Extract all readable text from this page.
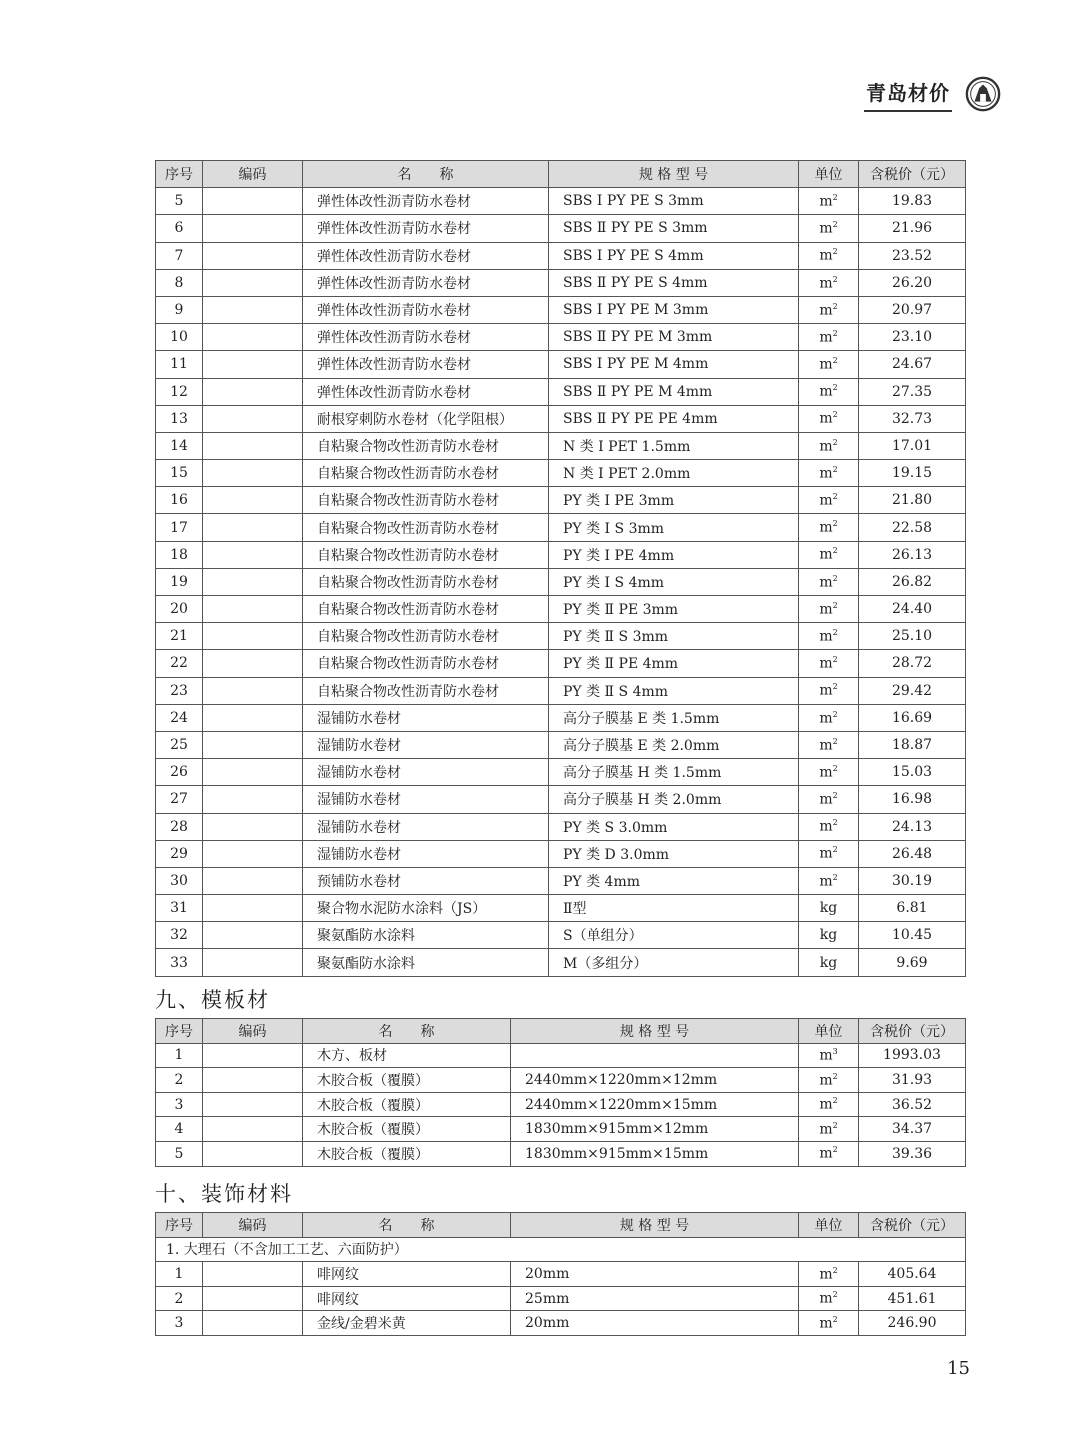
青岛材价
序号	编码	名　　称	规 格 型 号	单位	含税价（元）
5		弹性体改性沥青防水卷材	SBS Ⅰ PY PE S 3mm	$m^2$	19.83
6		弹性体改性沥青防水卷材	SBS Ⅱ PY PE S 3mm	$m^2$	21.96
7		弹性体改性沥青防水卷材	SBS Ⅰ PY PE S 4mm	$m^2$	23.52
8		弹性体改性沥青防水卷材	SBS Ⅱ PY PE S 4mm	$m^2$	26.20
9		弹性体改性沥青防水卷材	SBS Ⅰ PY PE M 3mm	$m^2$	20.97
10		弹性体改性沥青防水卷材	SBS Ⅱ PY PE M 3mm	$m^2$	23.10
11		弹性体改性沥青防水卷材	SBS Ⅰ PY PE M 4mm	$m^2$	24.67
12		弹性体改性沥青防水卷材	SBS Ⅱ PY PE M 4mm	$m^2$	27.35
13		耐根穿刺防水卷材（化学阻根）	SBS Ⅱ PY PE PE 4mm	$m^2$	32.73
14		自粘聚合物改性沥青防水卷材	N 类 Ⅰ PET 1.5mm	$m^2$	17.01
15		自粘聚合物改性沥青防水卷材	N 类 Ⅰ PET 2.0mm	$m^2$	19.15
16		自粘聚合物改性沥青防水卷材	PY 类 Ⅰ PE 3mm	$m^2$	21.80
17		自粘聚合物改性沥青防水卷材	PY 类 Ⅰ S 3mm	$m^2$	22.58
18		自粘聚合物改性沥青防水卷材	PY 类 Ⅰ PE 4mm	$m^2$	26.13
19		自粘聚合物改性沥青防水卷材	PY 类 Ⅰ S 4mm	$m^2$	26.82
20		自粘聚合物改性沥青防水卷材	PY 类 Ⅱ PE 3mm	$m^2$	24.40
21		自粘聚合物改性沥青防水卷材	PY 类 Ⅱ S 3mm	$m^2$	25.10
22		自粘聚合物改性沥青防水卷材	PY 类 Ⅱ PE 4mm	$m^2$	28.72
23		自粘聚合物改性沥青防水卷材	PY 类 Ⅱ S 4mm	$m^2$	29.42
24		湿铺防水卷材	高分子膜基 E 类 1.5mm	$m^2$	16.69
25		湿铺防水卷材	高分子膜基 E 类 2.0mm	$m^2$	18.87
26		湿铺防水卷材	高分子膜基 H 类 1.5mm	$m^2$	15.03
27		湿铺防水卷材	高分子膜基 H 类 2.0mm	$m^2$	16.98
28		湿铺防水卷材	PY 类 S 3.0mm	$m^2$	24.13
29		湿铺防水卷材	PY 类 D 3.0mm	$m^2$	26.48
30		预铺防水卷材	PY 类 4mm	$m^2$	30.19
31		聚合物水泥防水涂料（JS）	Ⅱ型	kg	6.81
32		聚氨酯防水涂料	S（单组分）	kg	10.45
33		聚氨酯防水涂料	M（多组分）	kg	9.69
九、模板材
序号	编码	名　　称	规 格 型 号	单位	含税价（元）
1		木方、板材		$m^3$	1993.03
2		木胶合板（覆膜）	2440mm×1220mm×12mm	$m^2$	31.93
3		木胶合板（覆膜）	2440mm×1220mm×15mm	$m^2$	36.52
4		木胶合板（覆膜）	1830mm×915mm×12mm	$m^2$	34.37
5		木胶合板（覆膜）	1830mm×915mm×15mm	$m^2$	39.36
十、装饰材料
序号	编码	名　　称	规 格 型 号	单位	含税价（元）
1. 大理石（不含加工工艺、六面防护）					
1		啡网纹	20mm	$m^2$	405.64
2		啡网纹	25mm	$m^2$	451.61
3		金线/金碧米黄	20mm	$m^2$	246.90
15
